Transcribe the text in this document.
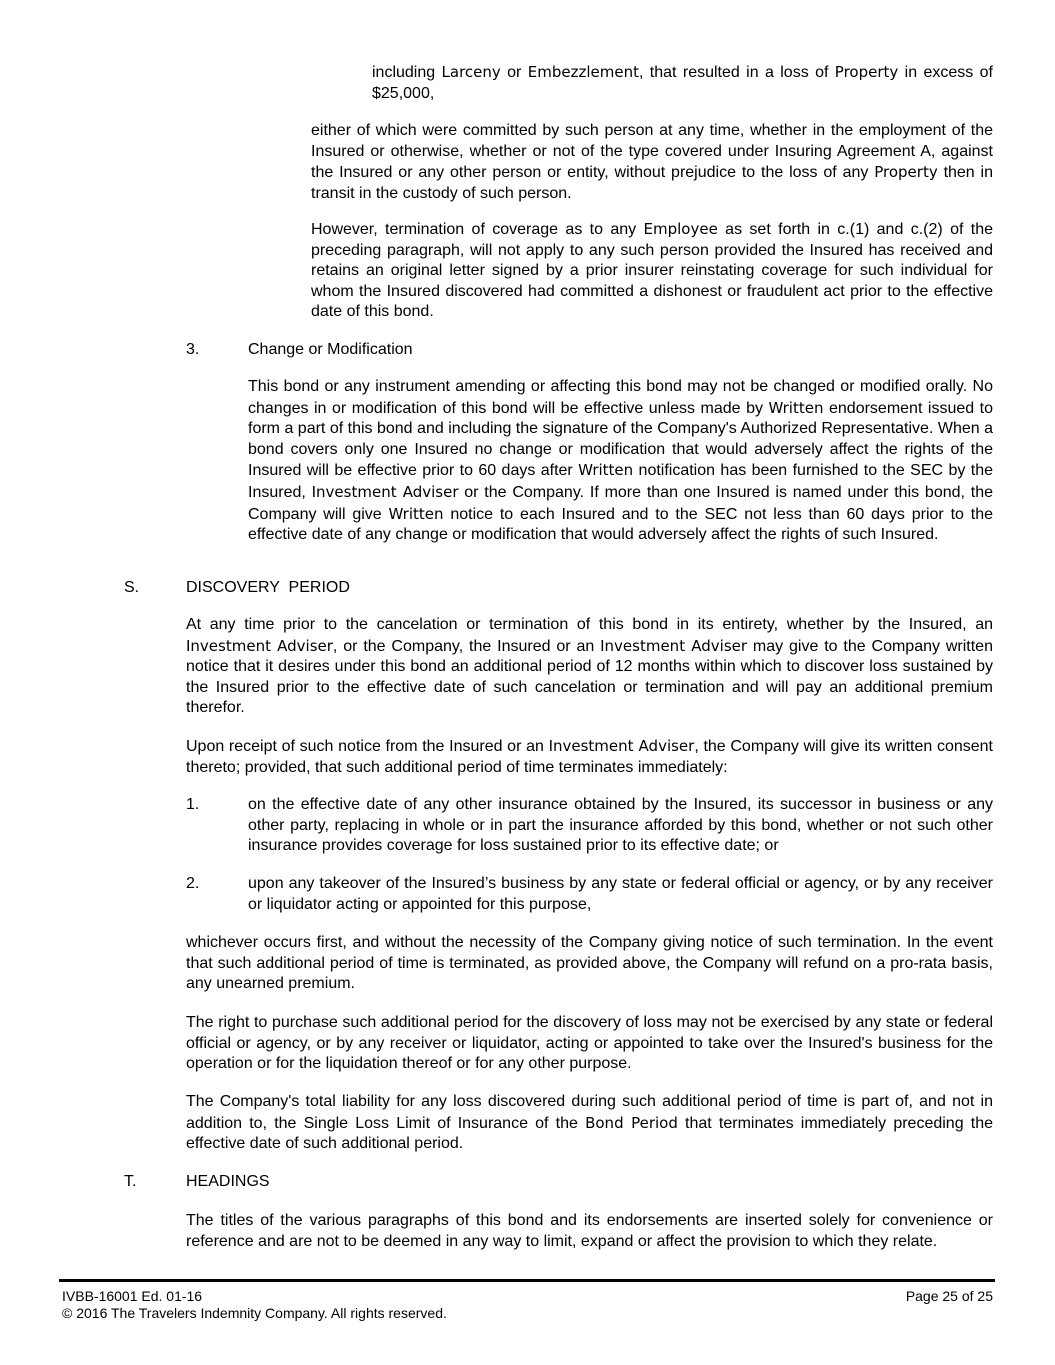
including Larceny or Embezzlement, that resulted in a loss of Property in excess of $25,000,

either of which were committed by such person at any time, whether in the employment of the Insured or otherwise, whether or not of the type covered under Insuring Agreement A, against the Insured or any other person or entity, without prejudice to the loss of any Property then in transit in the custody of such person.

However, termination of coverage as to any Employee as set forth in c.(1) and c.(2) of the preceding paragraph, will not apply to any such person provided the Insured has received and retains an original letter signed by a prior insurer reinstating coverage for such individual for whom the Insured discovered had committed a dishonest or fraudulent act prior to the effective date of this bond.

3.	Change or Modification

This bond or any instrument amending or affecting this bond may not be changed or modified orally. No changes in or modification of this bond will be effective unless made by Written endorsement issued to form a part of this bond and including the signature of the Company's Authorized Representative. When a bond covers only one Insured no change or modification that would adversely affect the rights of the Insured will be effective prior to 60 days after Written notification has been furnished to the SEC by the Insured, Investment Adviser or the Company. If more than one Insured is named under this bond, the Company will give Written notice to each Insured and to the SEC not less than 60 days prior to the effective date of any change or modification that would adversely affect the rights of such Insured.

S.	DISCOVERY  PERIOD

At any time prior to the cancelation or termination of this bond in its entirety, whether by the Insured, an Investment Adviser, or the Company, the Insured or an Investment Adviser may give to the Company written notice that it desires under this bond an additional period of 12 months within which to discover loss sustained by the Insured prior to the effective date of such cancelation or termination and will pay an additional premium therefor.

Upon receipt of such notice from the Insured or an Investment Adviser, the Company will give its written consent thereto; provided, that such additional period of time terminates immediately:

1.	on the effective date of any other insurance obtained by the Insured, its successor in business or any other party, replacing in whole or in part the insurance afforded by this bond, whether or not such other insurance provides coverage for loss sustained prior to its effective date; or

2.	upon any takeover of the Insured’s business by any state or federal official or agency, or by any receiver or liquidator acting or appointed for this purpose,

whichever occurs first, and without the necessity of the Company giving notice of such termination. In the event that such additional period of time is terminated, as provided above, the Company will refund on a pro-rata basis, any unearned premium.

The right to purchase such additional period for the discovery of loss may not be exercised by any state or federal official or agency, or by any receiver or liquidator, acting or appointed to take over the Insured's business for the operation or for the liquidation thereof or for any other purpose.

The Company's total liability for any loss discovered during such additional period of time is part of, and not in addition to, the Single Loss Limit of Insurance of the Bond Period that terminates immediately preceding the effective date of such additional period.

T.	HEADINGS

The titles of the various paragraphs of this bond and its endorsements are inserted solely for convenience or reference and are not to be deemed in any way to limit, expand or affect the provision to which they relate.

IVBB-16001 Ed. 01-16	Page 25 of 25

© 2016 The Travelers Indemnity Company. All rights reserved.
